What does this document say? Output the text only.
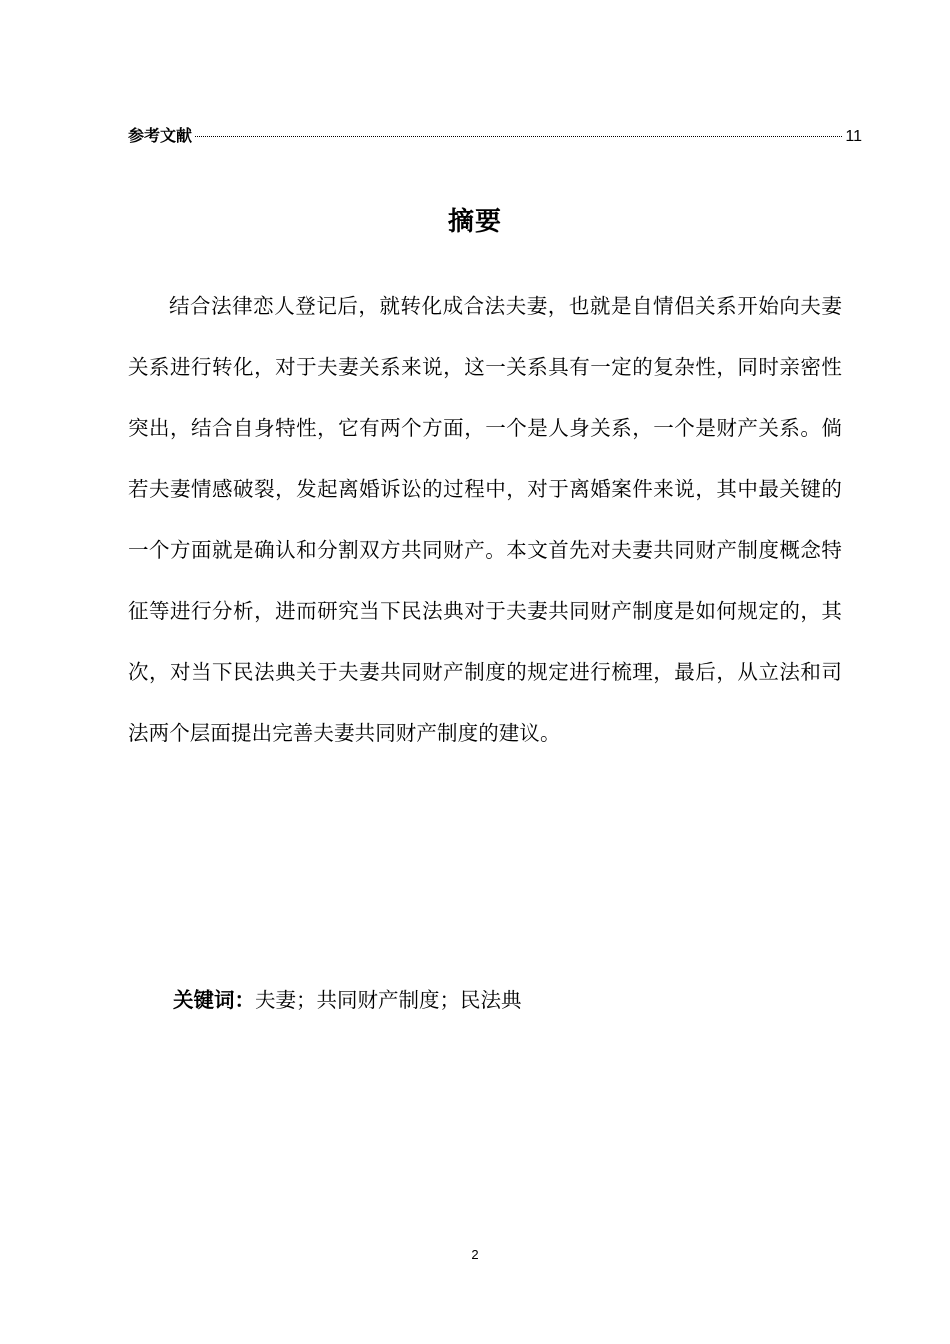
参考文献	11
摘要

结合法律恋人登记后，就转化成合法夫妻，也就是自情侣关系开始向夫妻关系进行转化，对于夫妻关系来说，这一关系具有一定的复杂性，同时亲密性突出，结合自身特性，它有两个方面，一个是人身关系，一个是财产关系。倘若夫妻情感破裂，发起离婚诉讼的过程中，对于离婚案件来说，其中最关键的一个方面就是确认和分割双方共同财产。本文首先对夫妻共同财产制度概念特征等进行分析，进而研究当下民法典对于夫妻共同财产制度是如何规定的，其次，对当下民法典关于夫妻共同财产制度的规定进行梳理，最后，从立法和司法两个层面提出完善夫妻共同财产制度的建议。

关键词：夫妻；共同财产制度；民法典
2
